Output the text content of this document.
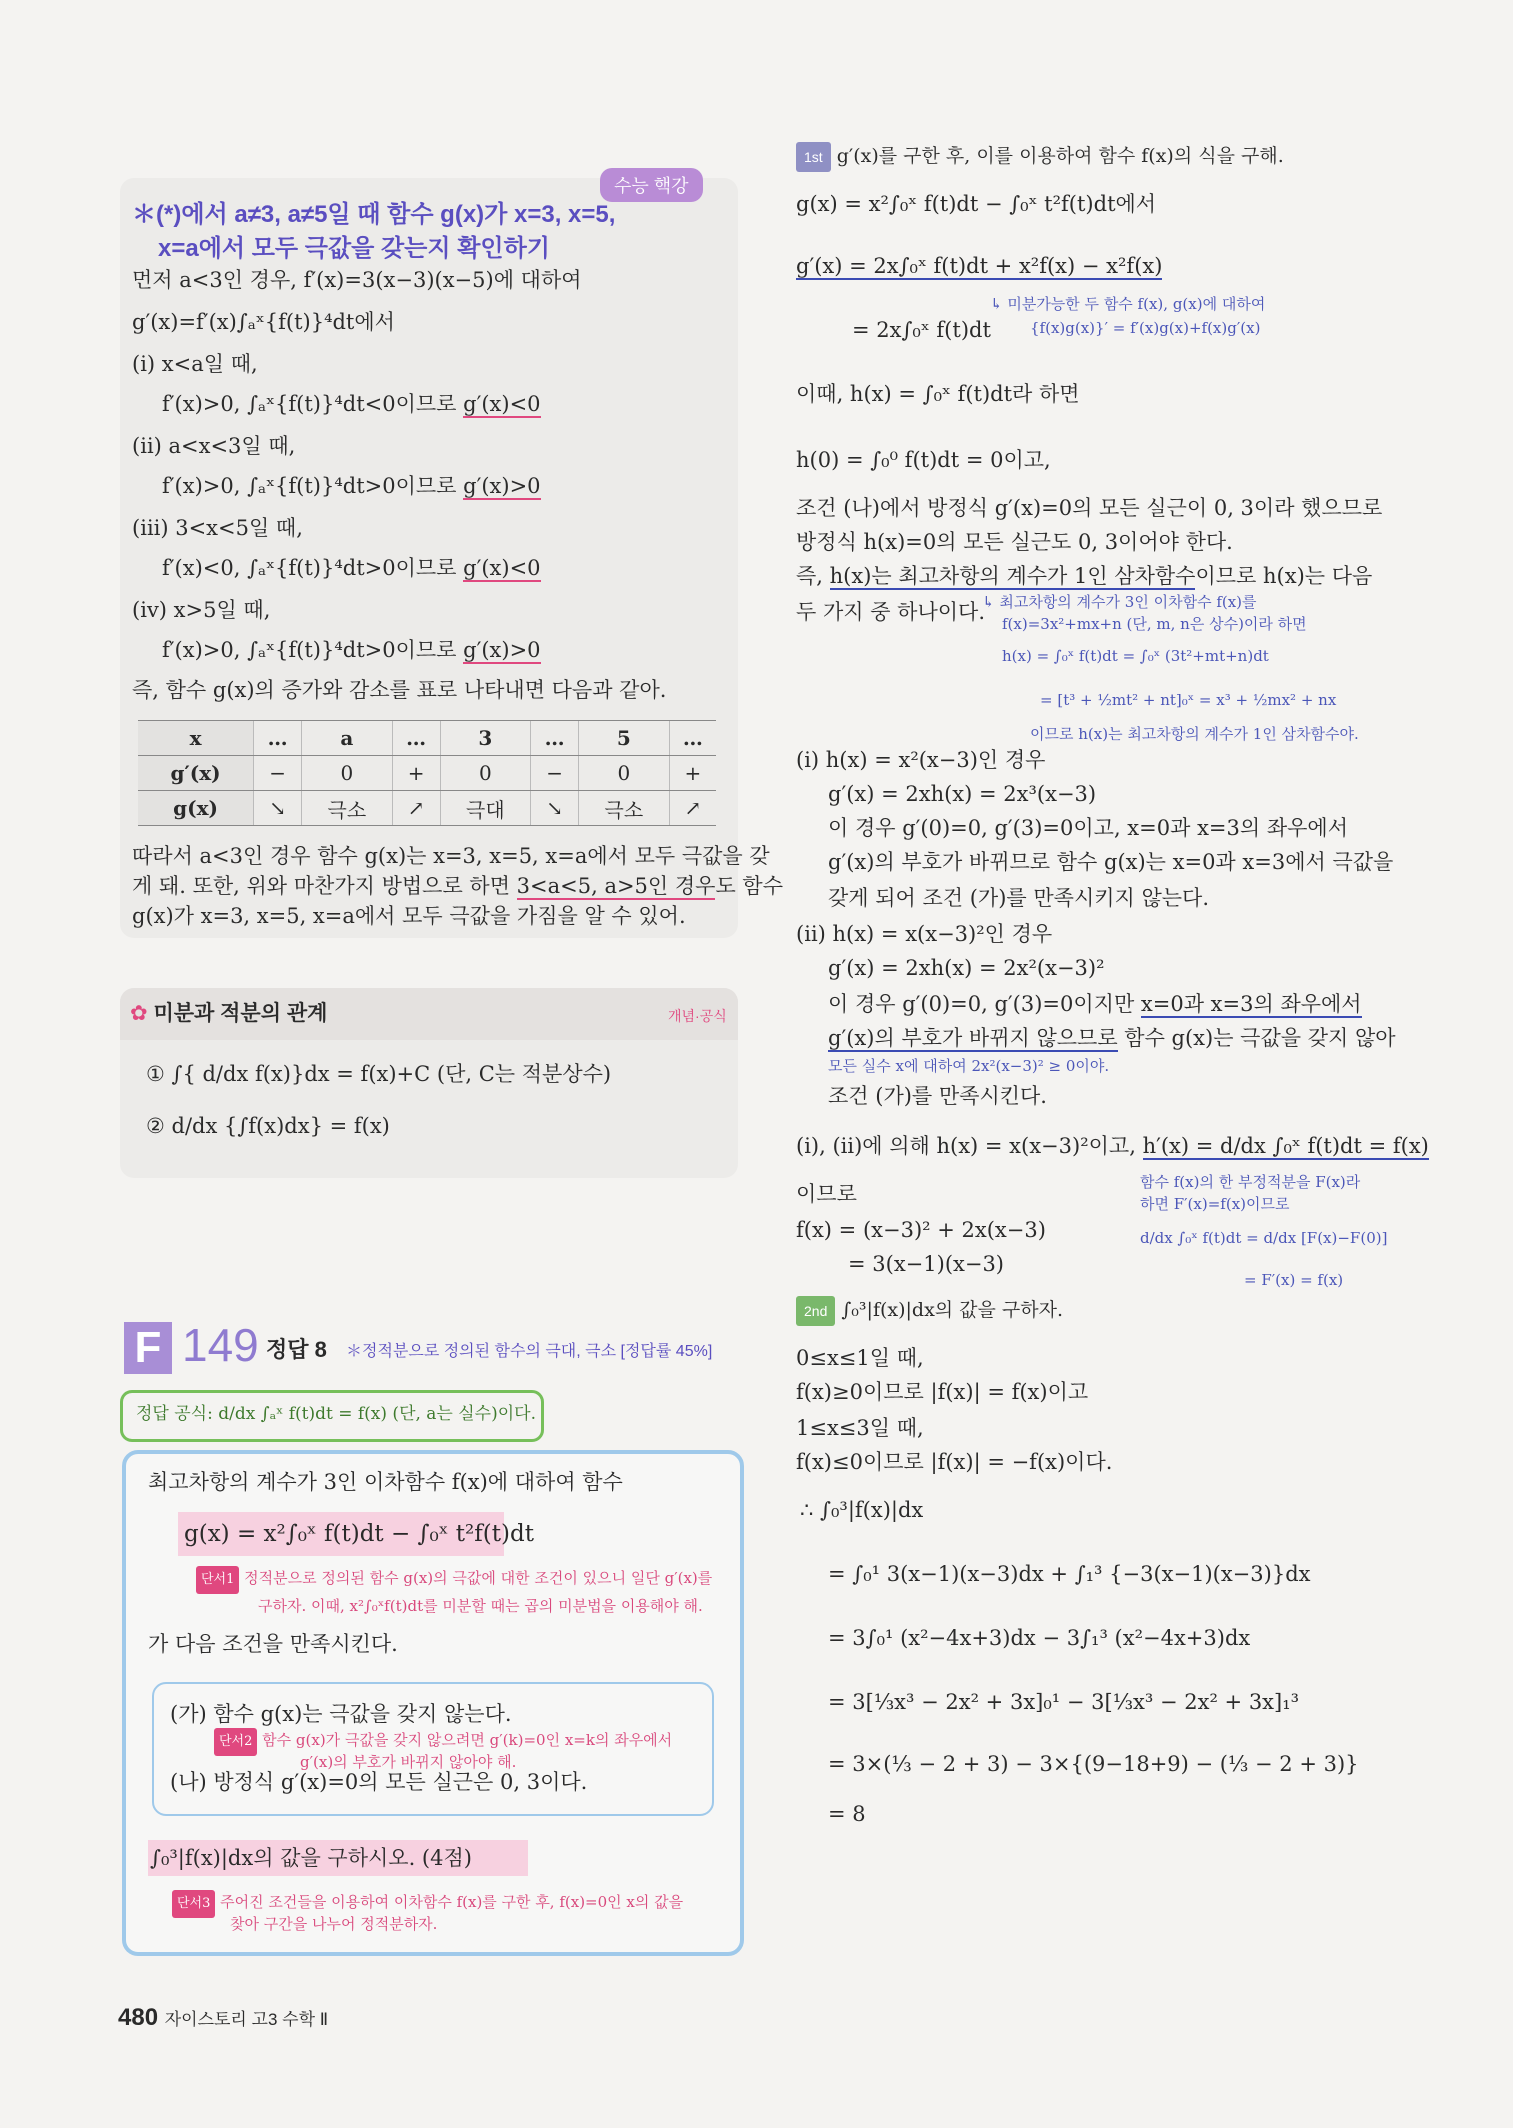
수능 핵강
＊(*)에서 a≠3, a≠5일 때 함수 g(x)가 x=3, x=5,
x=a에서 모두 극값을 갖는지 확인하기
먼저 a<3인 경우, f′(x)=3(x−3)(x−5)에 대하여
g′(x)=f′(x)∫ₐˣ{f(t)}⁴dt에서
(ⅰ) x<a일 때,
f′(x)>0, ∫ₐˣ{f(t)}⁴dt<0이므로 g′(x)<0
(ⅱ) a<x<3일 때,
f′(x)>0, ∫ₐˣ{f(t)}⁴dt>0이므로 g′(x)>0
(ⅲ) 3<x<5일 때,
f′(x)<0, ∫ₐˣ{f(t)}⁴dt>0이므로 g′(x)<0
(ⅳ) x>5일 때,
f′(x)>0, ∫ₐˣ{f(t)}⁴dt>0이므로 g′(x)>0
즉, 함수 g(x)의 증가와 감소를 표로 나타내면 다음과 같아.
x	…	a	…	3	…	5	…
g′(x)	−	0	+	0	−	0	+
g(x)	↘	극소	↗	극대	↘	극소	↗
따라서 a<3인 경우 함수 g(x)는 x=3, x=5, x=a에서 모두 극값을 갖
게 돼. 또한, 위와 마찬가지 방법으로 하면 3<a<5, a>5인 경우도 함수
g(x)가 x=3, x=5, x=a에서 모두 극값을 가짐을 알 수 있어.
✿ 미분과 적분의 관계	개념·공식
① ∫{ d/dx f(x)}dx = f(x)+C (단, C는 적분상수)
② d/dx {∫f(x)dx} = f(x)
F 149 정답 8 ＊정적분으로 정의된 함수의 극대, 극소 [정답률 45%]
정답 공식: d/dx ∫ₐˣ f(t)dt = f(x) (단, a는 실수)이다.
최고차항의 계수가 3인 이차함수 f(x)에 대하여 함수
g(x) = x²∫₀ˣ f(t)dt − ∫₀ˣ t²f(t)dt
단서1 정적분으로 정의된 함수 g(x)의 극값에 대한 조건이 있으니 일단 g′(x)를
구하자. 이때, x²∫₀ˣf(t)dt를 미분할 때는 곱의 미분법을 이용해야 해.
가 다음 조건을 만족시킨다.
(가) 함수 g(x)는 극값을 갖지 않는다.
단서2 함수 g(x)가 극값을 갖지 않으려면 g′(k)=0인 x=k의 좌우에서
g′(x)의 부호가 바뀌지 않아야 해.
(나) 방정식 g′(x)=0의 모든 실근은 0, 3이다.
∫₀³|f(x)|dx의 값을 구하시오. (4점)
단서3 주어진 조건들을 이용하여 이차함수 f(x)를 구한 후, f(x)=0인 x의 값을
찾아 구간을 나누어 정적분하자.
480 자이스토리 고3 수학 Ⅱ
1st g′(x)를 구한 후, 이를 이용하여 함수 f(x)의 식을 구해.
g(x) = x²∫₀ˣ f(t)dt − ∫₀ˣ t²f(t)dt에서
g′(x) = 2x∫₀ˣ f(t)dt + x²f(x) − x²f(x)
↳ 미분가능한 두 함수 f(x), g(x)에 대하여
{f(x)g(x)}′ = f′(x)g(x)+f(x)g′(x)
= 2x∫₀ˣ f(t)dt
이때, h(x) = ∫₀ˣ f(t)dt라 하면
h(0) = ∫₀⁰ f(t)dt = 0이고,
조건 (나)에서 방정식 g′(x)=0의 모든 실근이 0, 3이라 했으므로
방정식 h(x)=0의 모든 실근도 0, 3이어야 한다.
즉, h(x)는 최고차항의 계수가 1인 삼차함수이므로 h(x)는 다음
두 가지 중 하나이다.
↳ 최고차항의 계수가 3인 이차함수 f(x)를
f(x)=3x²+mx+n (단, m, n은 상수)이라 하면
h(x) = ∫₀ˣ f(t)dt = ∫₀ˣ (3t²+mt+n)dt
= [t³ + ½mt² + nt]₀ˣ = x³ + ½mx² + nx
이므로 h(x)는 최고차항의 계수가 1인 삼차함수야.
(ⅰ) h(x) = x²(x−3)인 경우
g′(x) = 2xh(x) = 2x³(x−3)
이 경우 g′(0)=0, g′(3)=0이고, x=0과 x=3의 좌우에서
g′(x)의 부호가 바뀌므로 함수 g(x)는 x=0과 x=3에서 극값을
갖게 되어 조건 (가)를 만족시키지 않는다.
(ⅱ) h(x) = x(x−3)²인 경우
g′(x) = 2xh(x) = 2x²(x−3)²
이 경우 g′(0)=0, g′(3)=0이지만 x=0과 x=3의 좌우에서
g′(x)의 부호가 바뀌지 않으므로 함수 g(x)는 극값을 갖지 않아
모든 실수 x에 대하여 2x²(x−3)² ≥ 0이야.
조건 (가)를 만족시킨다.
(ⅰ), (ⅱ)에 의해 h(x) = x(x−3)²이고, h′(x) = d/dx ∫₀ˣ f(t)dt = f(x)
함수 f(x)의 한 부정적분을 F(x)라
하면 F′(x)=f(x)이므로
d/dx ∫₀ˣ f(t)dt = d/dx [F(x)−F(0)]
= F′(x) = f(x)
이므로
f(x) = (x−3)² + 2x(x−3)
= 3(x−1)(x−3)
2nd ∫₀³|f(x)|dx의 값을 구하자.
0≤x≤1일 때,
f(x)≥0이므로 |f(x)| = f(x)이고
1≤x≤3일 때,
f(x)≤0이므로 |f(x)| = −f(x)이다.
∴ ∫₀³|f(x)|dx
= ∫₀¹ 3(x−1)(x−3)dx + ∫₁³ {−3(x−1)(x−3)}dx
= 3∫₀¹ (x²−4x+3)dx − 3∫₁³ (x²−4x+3)dx
= 3[⅓x³ − 2x² + 3x]₀¹ − 3[⅓x³ − 2x² + 3x]₁³
= 3×(⅓ − 2 + 3) − 3×{(9−18+9) − (⅓ − 2 + 3)}
= 8
